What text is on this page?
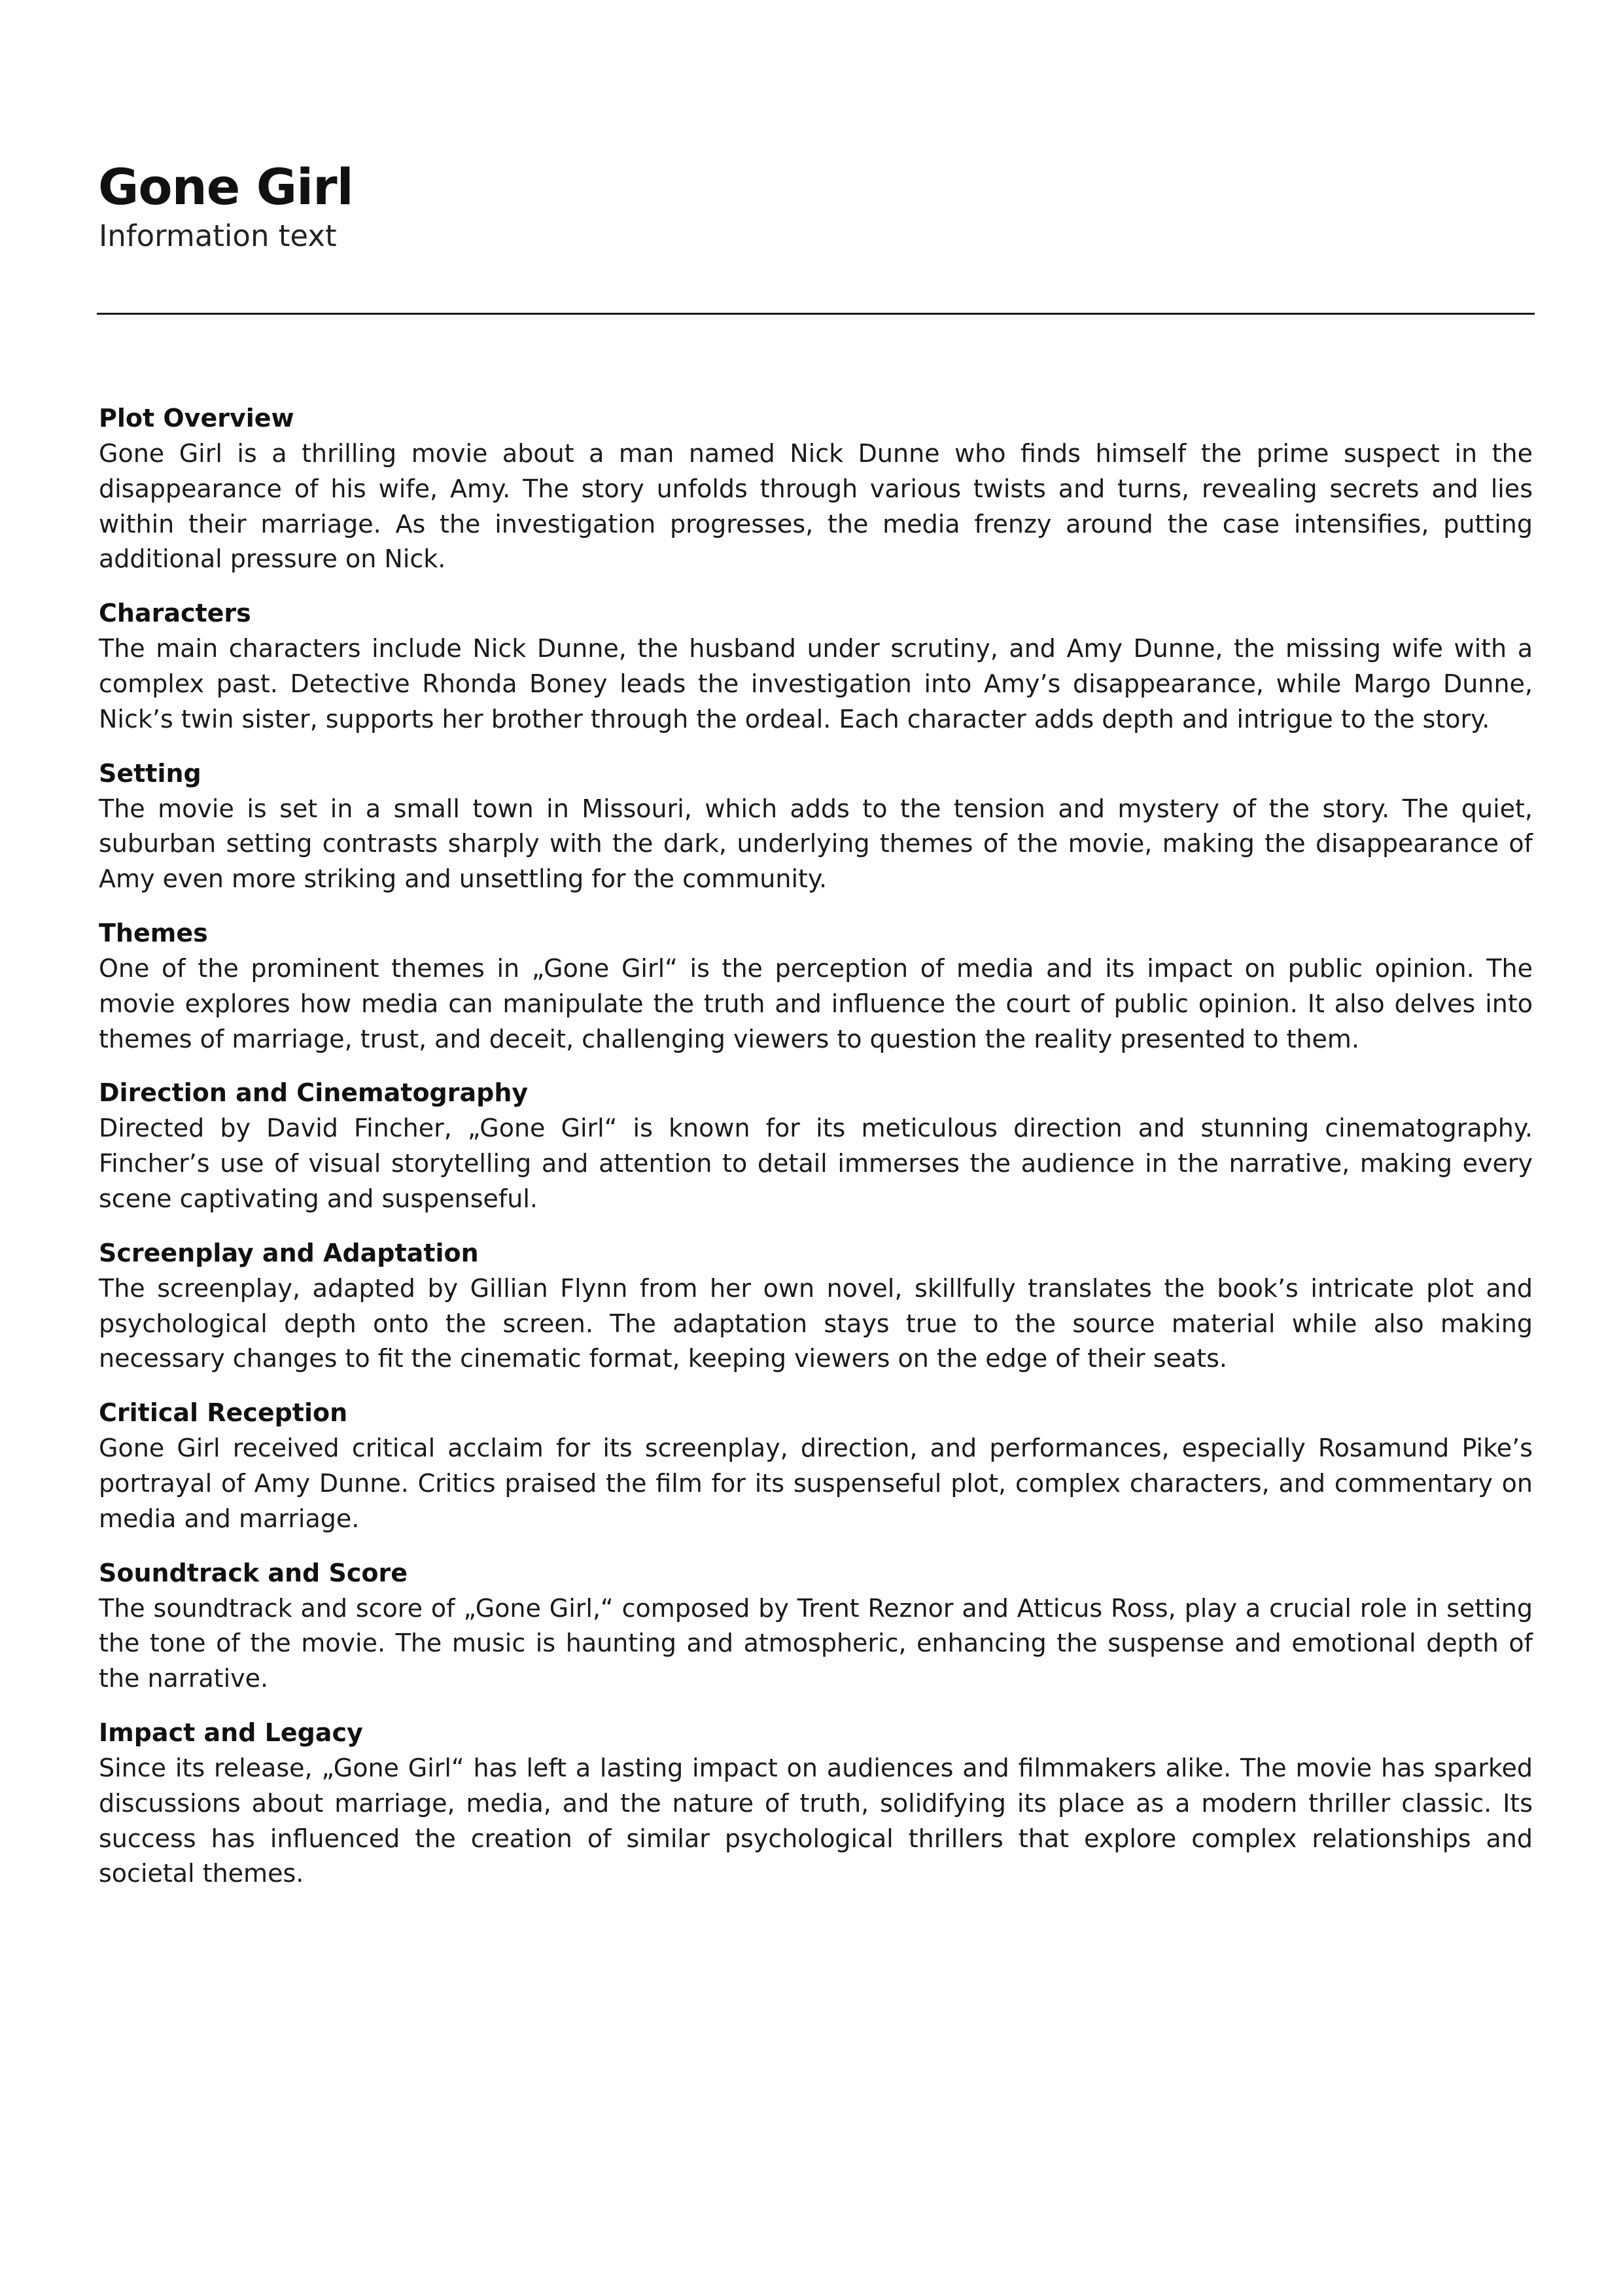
Gone Girl

Information text

Plot Overview

Gone Girl is a thrilling movie about a man named Nick Dunne who finds himself the prime suspect in the disappearance of his wife, Amy. The story unfolds through various twists and turns, revealing secrets and lies within their marriage. As the investigation progresses, the media frenzy around the case intensifies, putting additional pressure on Nick.

Characters

The main characters include Nick Dunne, the husband under scrutiny, and Amy Dunne, the missing wife with a complex past. Detective Rhonda Boney leads the investigation into Amy’s disappearance, while Margo Dunne, Nick’s twin sister, supports her brother through the ordeal. Each character adds depth and intrigue to the story.

Setting

The movie is set in a small town in Missouri, which adds to the tension and mystery of the story. The quiet, suburban setting contrasts sharply with the dark, underlying themes of the movie, making the disappearance of Amy even more striking and unsettling for the community.

Themes

One of the prominent themes in „Gone Girl“ is the perception of media and its impact on public opinion. The movie explores how media can manipulate the truth and influence the court of public opinion. It also delves into themes of marriage, trust, and deceit, challenging viewers to question the reality presented to them.

Direction and Cinematography

Directed by David Fincher, „Gone Girl“ is known for its meticulous direction and stunning cinematography. Fincher’s use of visual storytelling and attention to detail immerses the audience in the narrative, making every scene captivating and suspenseful.

Screenplay and Adaptation

The screenplay, adapted by Gillian Flynn from her own novel, skillfully translates the book’s intricate plot and psychological depth onto the screen. The adaptation stays true to the source material while also making necessary changes to fit the cinematic format, keeping viewers on the edge of their seats.

Critical Reception

Gone Girl received critical acclaim for its screenplay, direction, and performances, especially Rosamund Pike’s portrayal of Amy Dunne. Critics praised the film for its suspenseful plot, complex characters, and commentary on media and marriage.

Soundtrack and Score

The soundtrack and score of „Gone Girl,“ composed by Trent Reznor and Atticus Ross, play a crucial role in setting the tone of the movie. The music is haunting and atmospheric, enhancing the suspense and emotional depth of the narrative.

Impact and Legacy

Since its release, „Gone Girl“ has left a lasting impact on audiences and filmmakers alike. The movie has sparked discussions about marriage, media, and the nature of truth, solidifying its place as a modern thriller classic. Its success has influenced the creation of similar psychological thrillers that explore complex relationships and societal themes.
